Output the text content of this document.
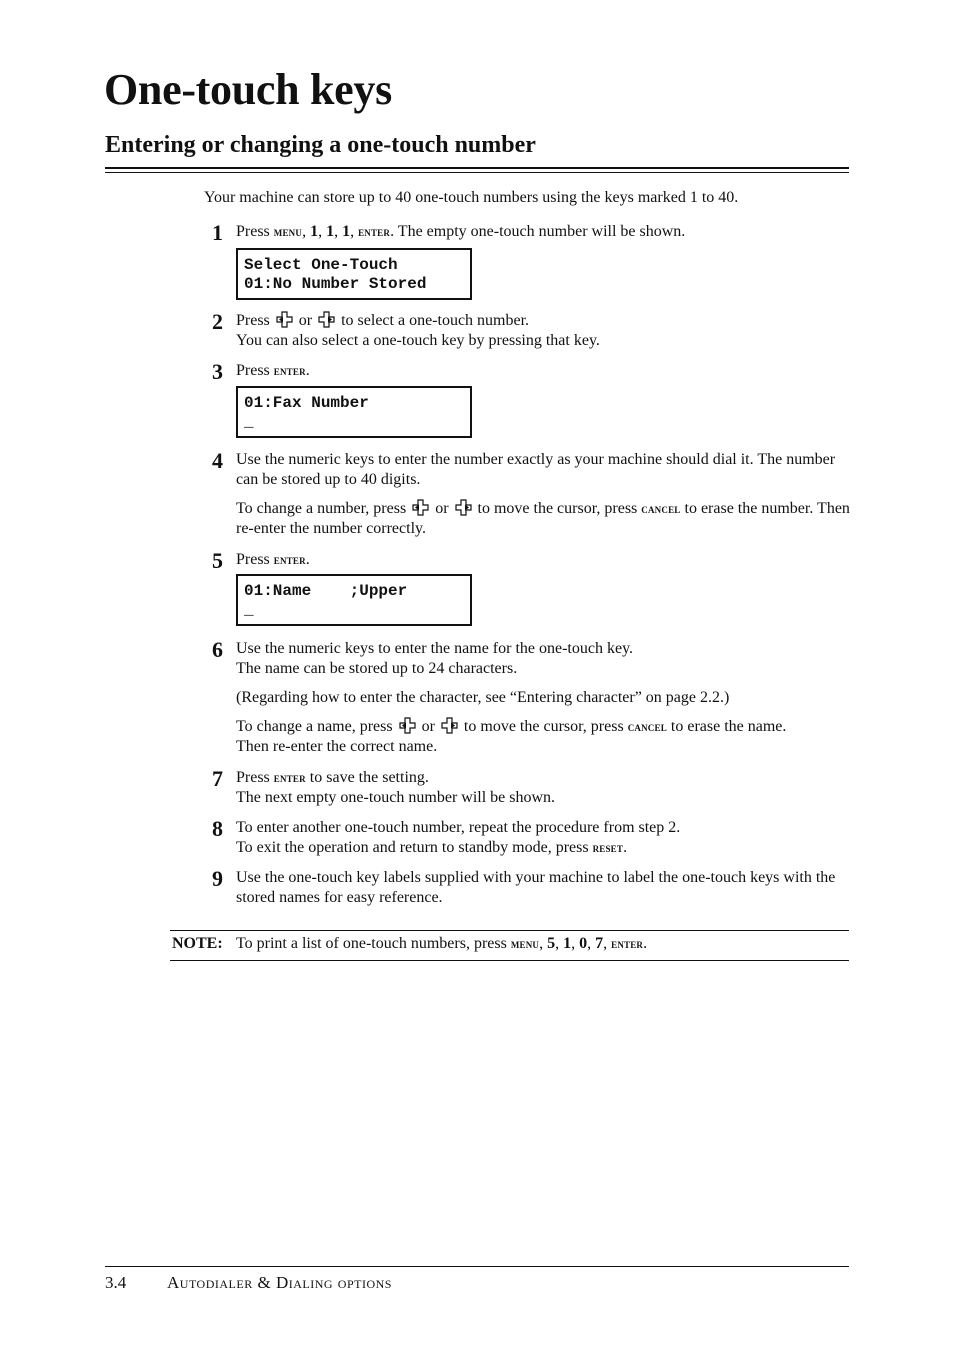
One-touch keys
Entering or changing a one-touch number
Your machine can store up to 40 one-touch numbers using the keys marked 1 to 40.
1 Press menu, 1, 1, 1, enter. The empty one-touch number will be shown.
Select One-Touch
01:No Number Stored
2 Press or to select a one-touch number.
You can also select a one-touch key by pressing that key.
3 Press enter.
01:Fax Number
_
4 Use the numeric keys to enter the number exactly as your machine should dial it. The number can be stored up to 40 digits.

To change a number, press or to move the cursor, press cancel to erase the number. Then re-enter the number correctly.

5 Press enter.
01:Name    ;Upper
_
6 Use the numeric keys to enter the name for the one-touch key.
The name can be stored up to 24 characters.

(Regarding how to enter the character, see “Entering character” on page 2.2.)

To change a name, press or to move the cursor, press cancel to erase the name.
Then re-enter the correct name.

7 Press enter to save the setting.
The next empty one-touch number will be shown.
8 To enter another one-touch number, repeat the procedure from step 2.
To exit the operation and return to standby mode, press reset.
9 Use the one-touch key labels supplied with your machine to label the one-touch keys with the stored names for easy reference.
NOTE: To print a list of one-touch numbers, press menu, 5, 1, 0, 7, enter.
3.4 Autodialer & Dialing options
